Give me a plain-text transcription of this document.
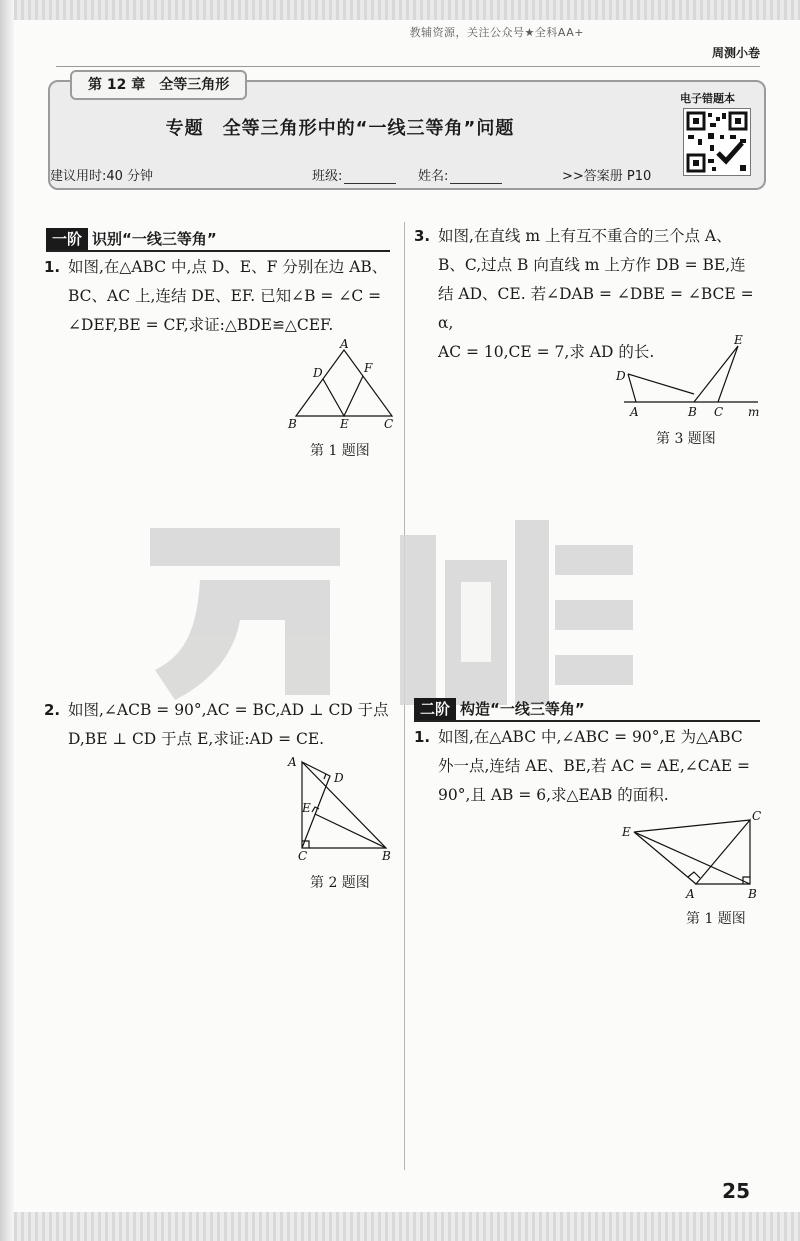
教辅资源，关注公众号★全科AA+
周测小卷
第 12 章　全等三角形
专题　全等三角形中的“一线三等角”问题
建议用时:40 分钟	班级:	姓名:	>>答案册 P10
电子错题本
一阶 识别“一线三等角”
1. 如图,在△ABC 中,点 D、E、F 分别在边 AB、
BC、AC 上,连结 DE、EF. 已知∠B = ∠C =
∠DEF,BE = CF,求证:△BDE≌△CEF.
A
D	F
B	E	C
第 1 题图
2. 如图,∠ACB = 90°,AC = BC,AD ⊥ CD 于点
D,BE ⊥ CD 于点 E,求证:AD = CE.
A
D
E
C	B
第 2 题图
3. 如图,在直线 m 上有互不重合的三个点 A、
B、C,过点 B 向直线 m 上方作 DB = BE,连
结 AD、CE. 若∠DAB = ∠DBE = ∠BCE = α,
AC = 10,CE = 7,求 AD 的长.
D
A	B C
E
m
第 3 题图
二阶 构造“一线三等角”
1. 如图,在△ABC 中,∠ABC = 90°,E 为△ABC
外一点,连结 AE、BE,若 AC = AE,∠CAE =
90°,且 AB = 6,求△EAB 的面积.
E
C
A	B
第 1 题图
25
